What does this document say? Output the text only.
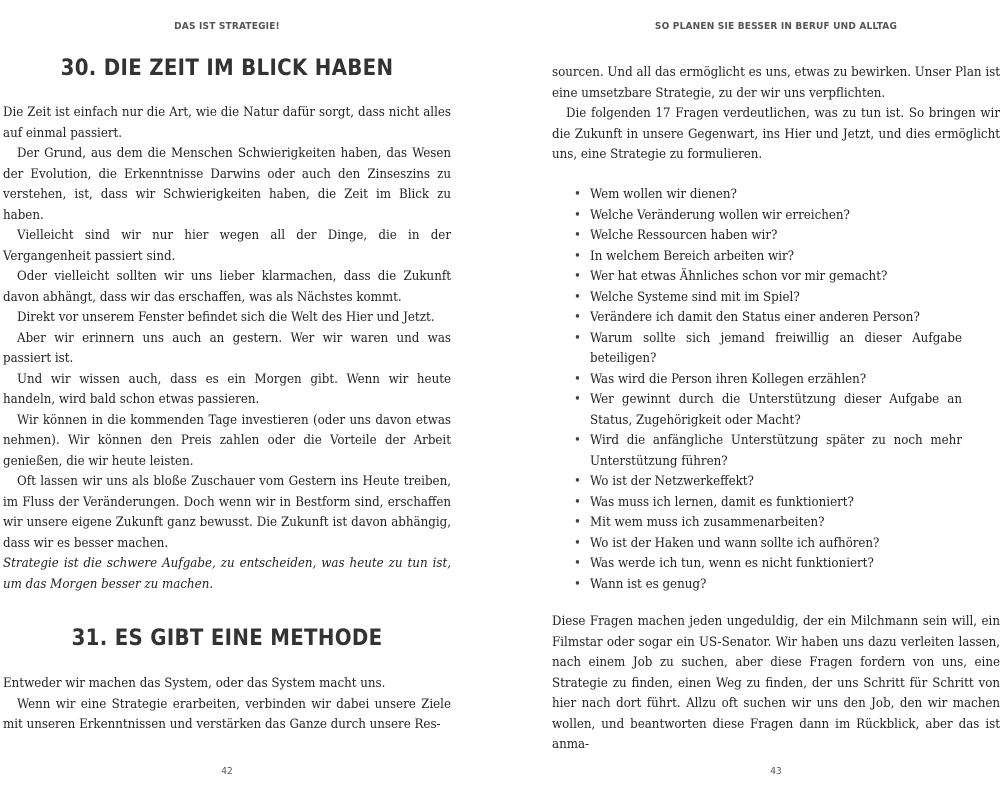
DAS IST STRATEGIE!
30. DIE ZEIT IM BLICK HABEN

Die Zeit ist einfach nur die Art, wie die Natur dafür sorgt, dass nicht alles auf einmal passiert.

Der Grund, aus dem die Menschen Schwierigkeiten haben, das Wesen der Evolution, die Erkenntnisse Darwins oder auch den Zinseszins zu verstehen, ist, dass wir Schwierigkeiten haben, die Zeit im Blick zu haben.

Vielleicht sind wir nur hier wegen all der Dinge, die in der Vergangenheit passiert sind.

Oder vielleicht sollten wir uns lieber klarmachen, dass die Zukunft davon abhängt, dass wir das erschaffen, was als Nächstes kommt.

Direkt vor unserem Fenster befindet sich die Welt des Hier und Jetzt.

Aber wir erinnern uns auch an gestern. Wer wir waren und was passiert ist.

Und wir wissen auch, dass es ein Morgen gibt. Wenn wir heute handeln, wird bald schon etwas passieren.

Wir können in die kommenden Tage investieren (oder uns davon etwas nehmen). Wir können den Preis zahlen oder die Vorteile der Arbeit genießen, die wir heute leisten.

Oft lassen wir uns als bloße Zuschauer vom Gestern ins Heute treiben, im Fluss der Veränderungen. Doch wenn wir in Bestform sind, erschaffen wir unsere eigene Zukunft ganz bewusst. Die Zukunft ist davon abhängig, dass wir es besser machen.

Strategie ist die schwere Aufgabe, zu entscheiden, was heute zu tun ist, um das Morgen besser zu machen.

31. ES GIBT EINE METHODE

Entweder wir machen das System, oder das System macht uns.

Wenn wir eine Strategie erarbeiten, verbinden wir dabei unsere Ziele mit unseren Erkenntnissen und verstärken das Ganze durch unsere Res-

42
SO PLANEN SIE BESSER IN BERUF UND ALLTAG

sourcen. Und all das ermöglicht es uns, etwas zu bewirken. Unser Plan ist eine umsetzbare Strategie, zu der wir uns verpflichten.

Die folgenden 17 Fragen verdeutlichen, was zu tun ist. So bringen wir die Zukunft in unsere Gegenwart, ins Hier und Jetzt, und dies ermöglicht uns, eine Strategie zu formulieren.

• Wem wollen wir dienen?
• Welche Veränderung wollen wir erreichen?
• Welche Ressourcen haben wir?
• In welchem Bereich arbeiten wir?
• Wer hat etwas Ähnliches schon vor mir gemacht?
• Welche Systeme sind mit im Spiel?
• Verändere ich damit den Status einer anderen Person?
• Warum sollte sich jemand freiwillig an dieser Aufgabe beteiligen?
• Was wird die Person ihren Kollegen erzählen?
• Wer gewinnt durch die Unterstützung dieser Aufgabe an Status, Zugehörigkeit oder Macht?
• Wird die anfängliche Unterstützung später zu noch mehr Unterstützung führen?
• Wo ist der Netzwerkeffekt?
• Was muss ich lernen, damit es funktioniert?
• Mit wem muss ich zusammenarbeiten?
• Wo ist der Haken und wann sollte ich aufhören?
• Was werde ich tun, wenn es nicht funktioniert?
• Wann ist es genug?

Diese Fragen machen jeden ungeduldig, der ein Milchmann sein will, ein Filmstar oder sogar ein US-Senator. Wir haben uns dazu verleiten lassen, nach einem Job zu suchen, aber diese Fragen fordern von uns, eine Strategie zu finden, einen Weg zu finden, der uns Schritt für Schritt von hier nach dort führt. Allzu oft suchen wir uns den Job, den wir machen wollen, und beantworten diese Fragen dann im Rückblick, aber das ist anma-

43
